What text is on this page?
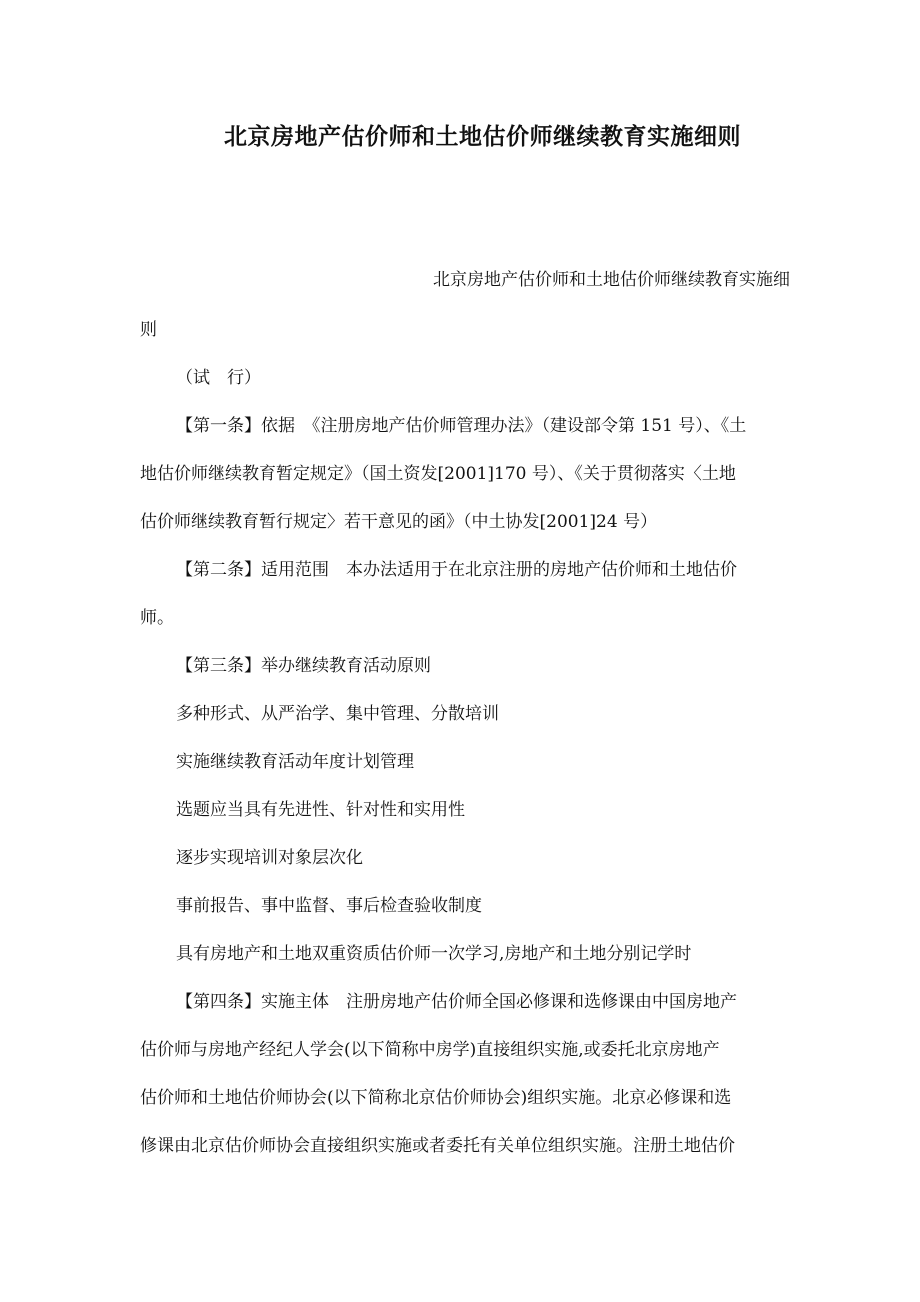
北京房地产估价师和土地估价师继续教育实施细则
北京房地产估价师和土地估价师继续教育实施细
则
（试　行）
【第一条】依据　《注册房地产估价师管理办法》（建设部令第 151 号）、《土
地估价师继续教育暂定规定》（国土资发[2001]170 号）、《关于贯彻落实〈土地
估价师继续教育暂行规定〉若干意见的函》（中土协发[2001]24 号）
【第二条】适用范围　本办法适用于在北京注册的房地产估价师和土地估价
师。
【第三条】举办继续教育活动原则
多种形式、从严治学、集中管理、分散培训
实施继续教育活动年度计划管理
选题应当具有先进性、针对性和实用性
逐步实现培训对象层次化
事前报告、事中监督、事后检查验收制度
具有房地产和土地双重资质估价师一次学习,房地产和土地分别记学时
【第四条】实施主体　注册房地产估价师全国必修课和选修课由中国房地产
估价师与房地产经纪人学会(以下简称中房学)直接组织实施,或委托北京房地产
估价师和土地估价师协会(以下简称北京估价师协会)组织实施。北京必修课和选
修课由北京估价师协会直接组织实施或者委托有关单位组织实施。注册土地估价
